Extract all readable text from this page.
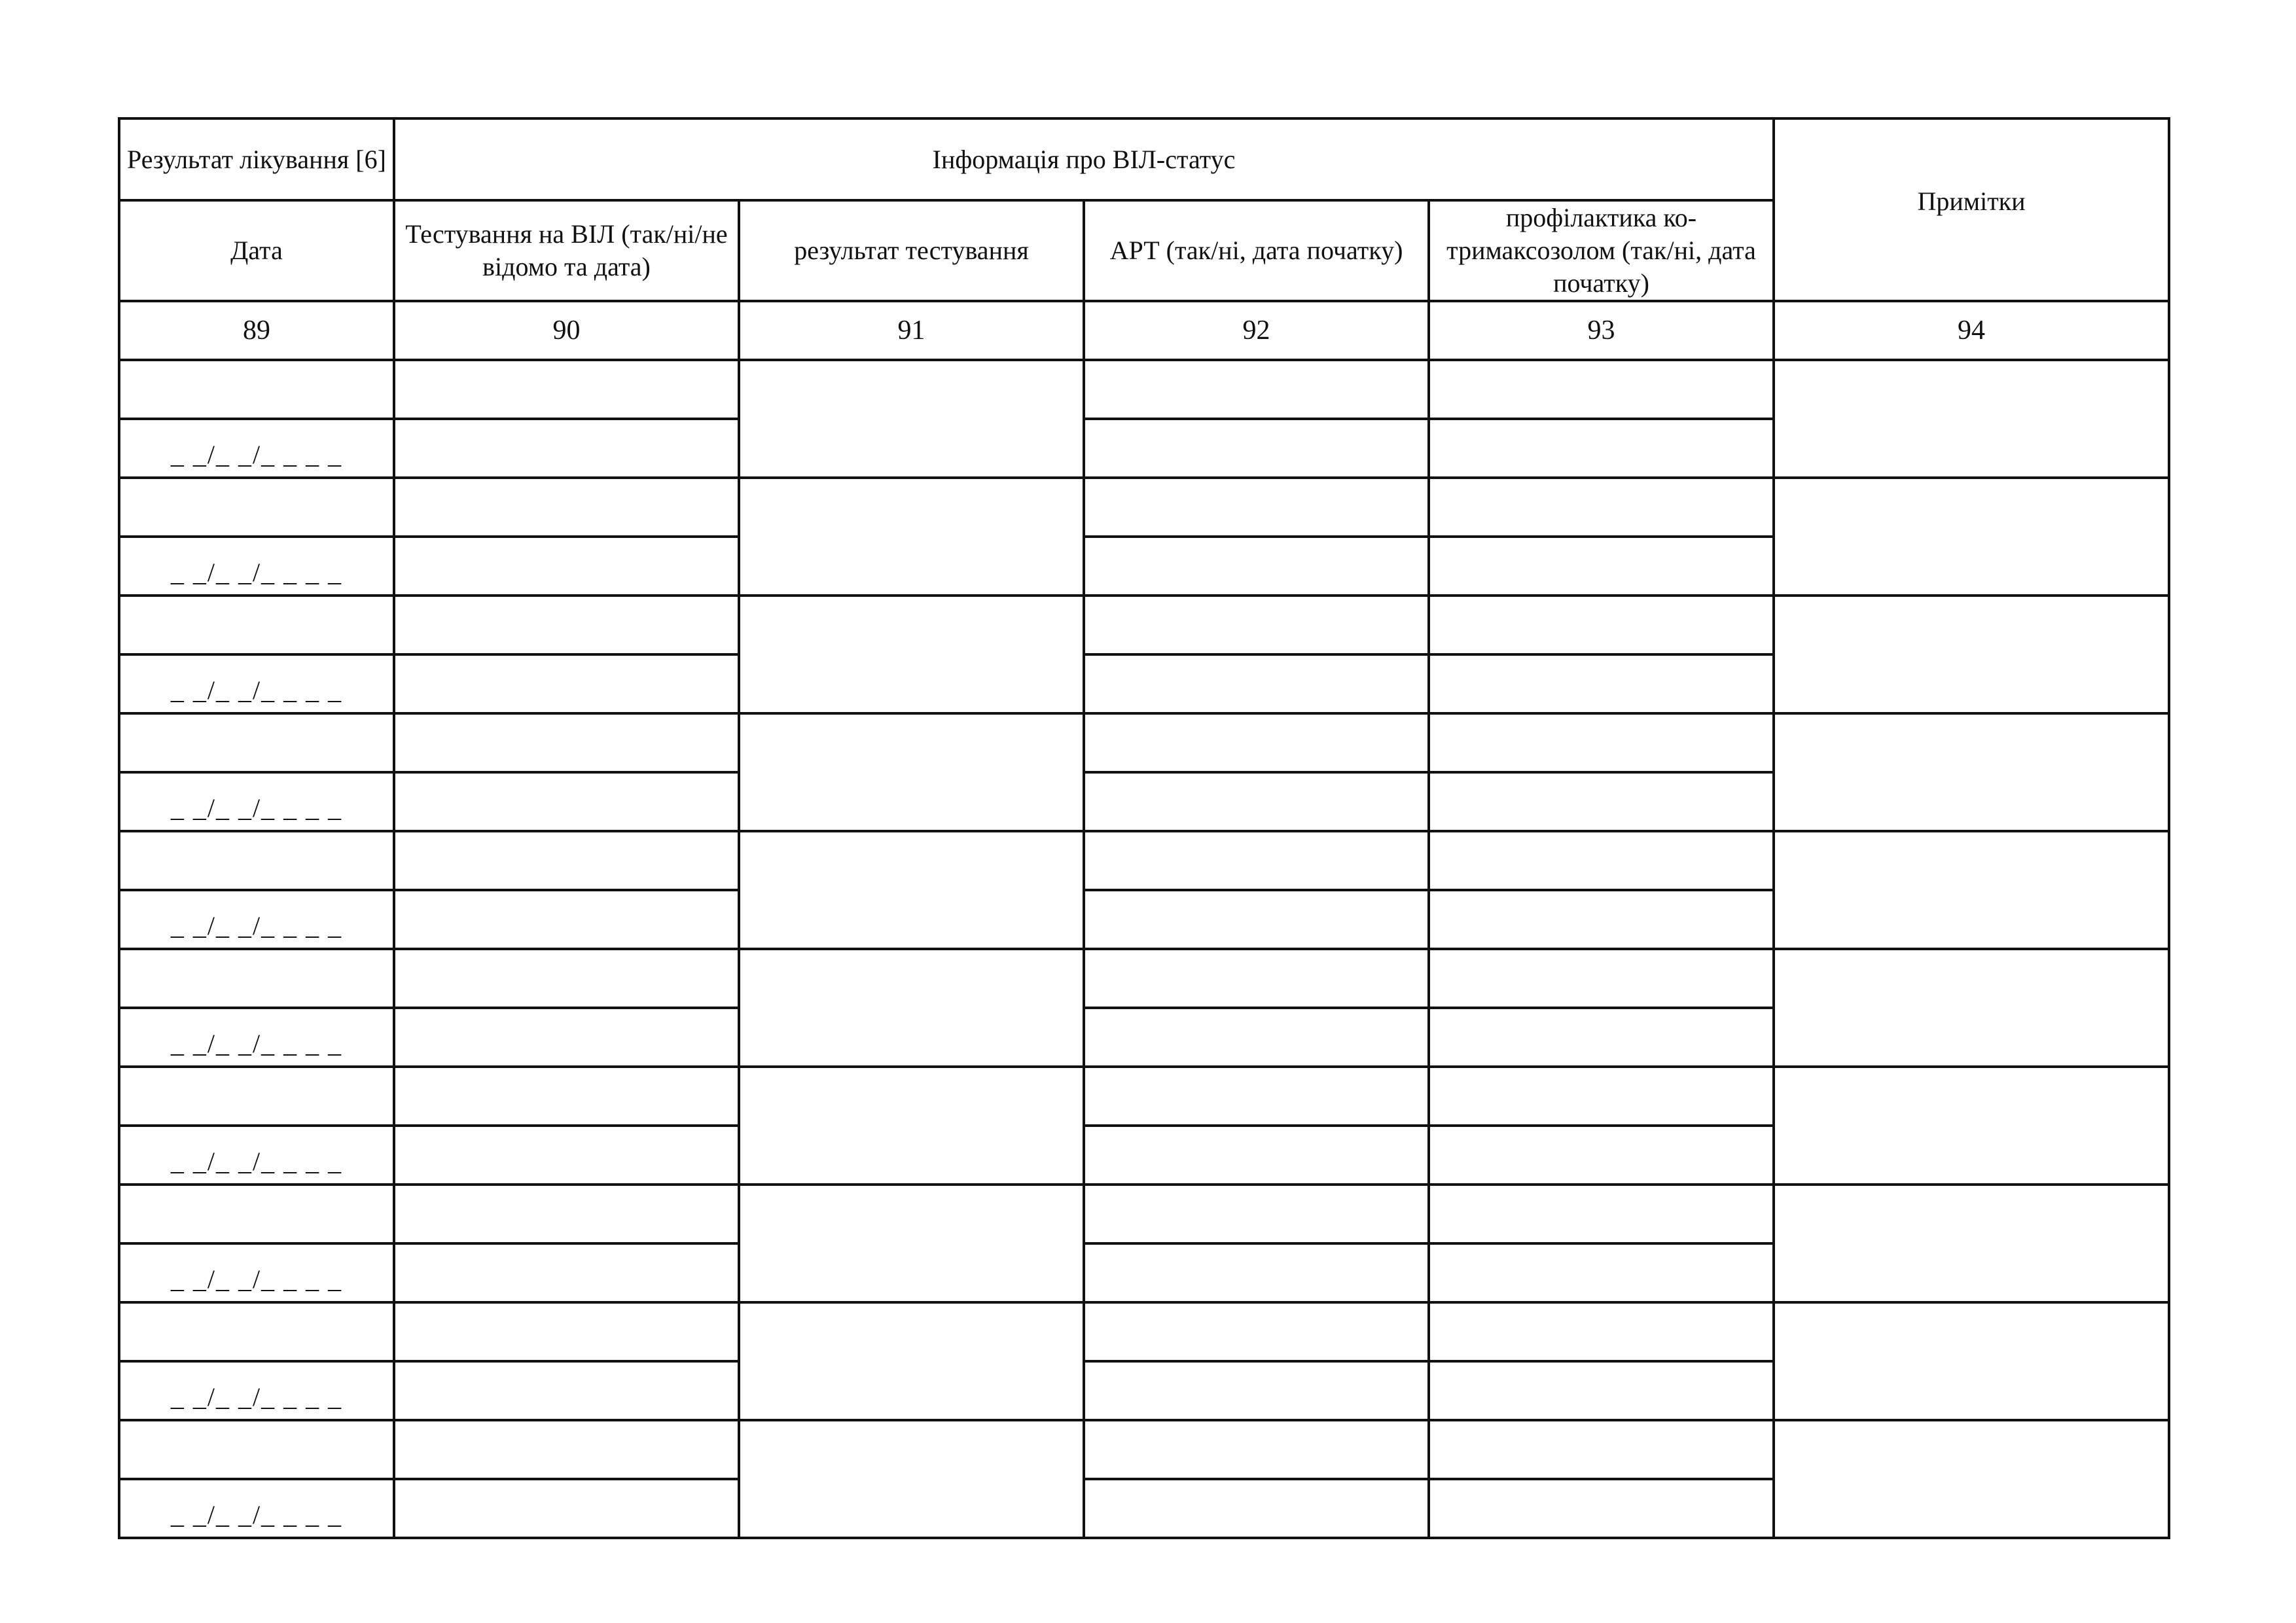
Результат лікування [6]	Інформація про ВІЛ-статус				Примітки
Дата	Тестування на ВІЛ (так/ні/не відомо та дата)	результат тестування	АРТ (так/ні, дата початку)	профілактика ко-тримаксозолом (так/ні, дата початку)	
89	90	91	92	93	94

_ _/_ _/_ _ _ _					

_ _/_ _/_ _ _ _					

_ _/_ _/_ _ _ _					

_ _/_ _/_ _ _ _					

_ _/_ _/_ _ _ _					

_ _/_ _/_ _ _ _					

_ _/_ _/_ _ _ _					

_ _/_ _/_ _ _ _					

_ _/_ _/_ _ _ _					

_ _/_ _/_ _ _ _					
